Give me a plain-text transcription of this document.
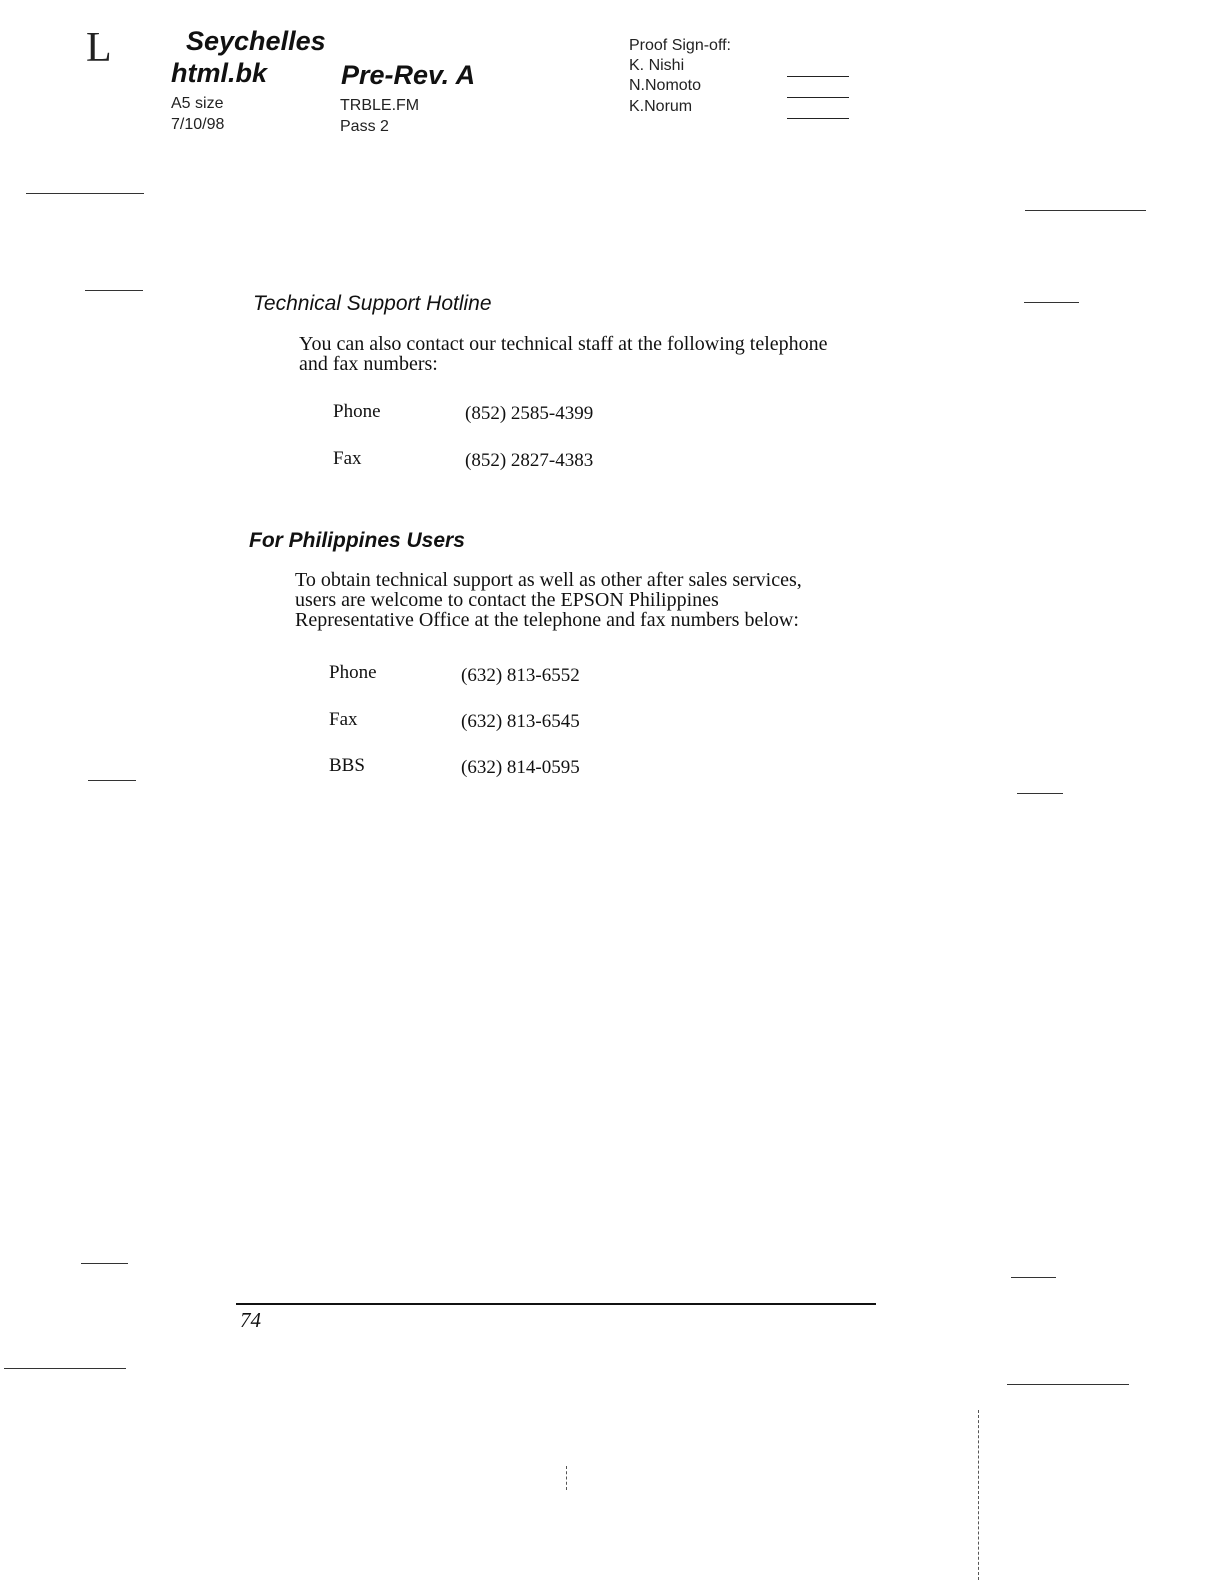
L	Seychelles
html.bk	Pre-Rev. A
A5 size
7/10/98
TRBLE.FM
Pass 2
Proof Sign-off:
K. Nishi
N.Nomoto
K.Norum
Technical Support Hotline
You can also contact our technical staff at the following telephone
and fax numbers:
Phone	(852) 2585-4399
Fax	(852) 2827-4383
For Philippines Users
To obtain technical support as well as other after sales services,
users are welcome to contact the EPSON Philippines
Representative Office at the telephone and fax numbers below:
Phone	(632) 813-6552
Fax	(632) 813-6545
BBS	(632) 814-0595
74
